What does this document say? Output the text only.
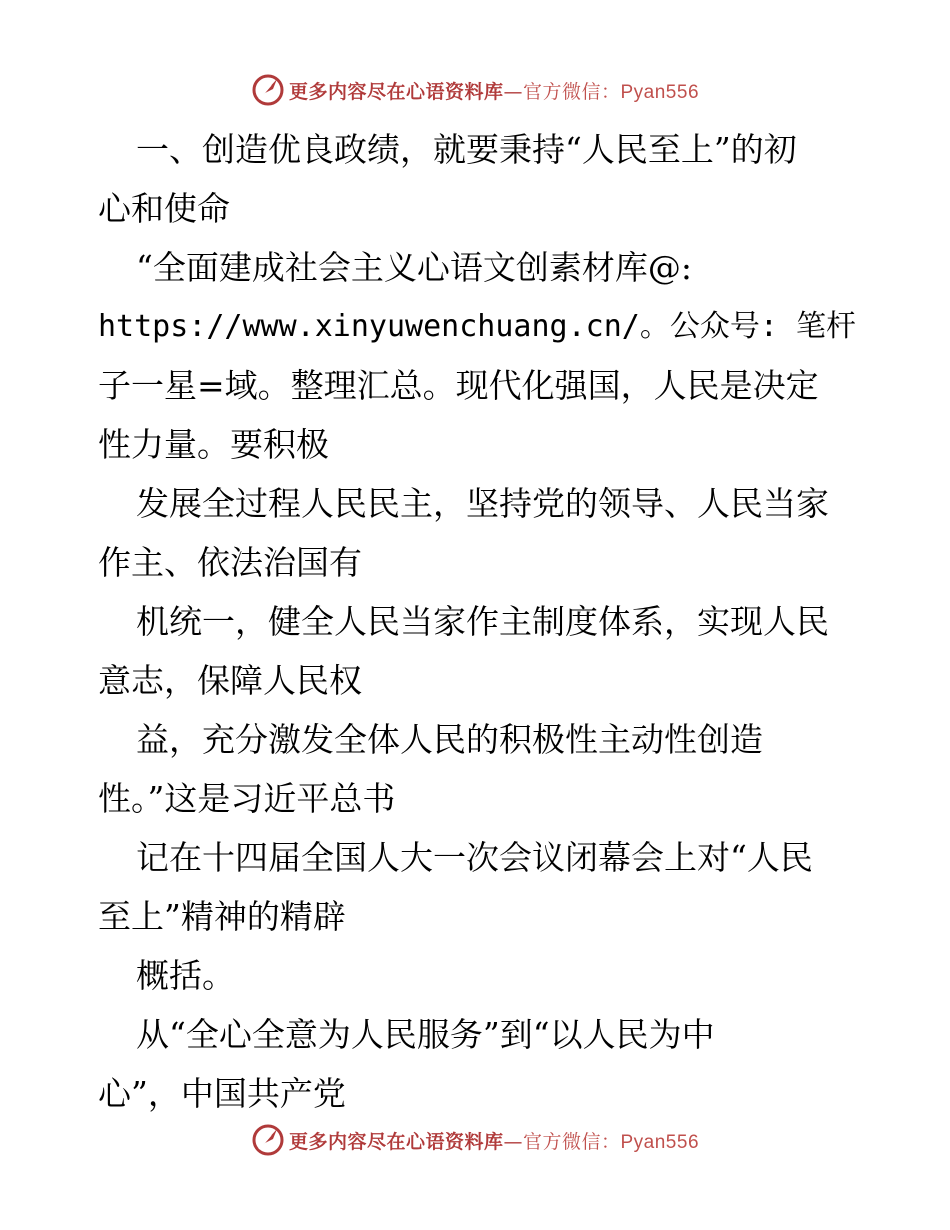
更多内容尽在心语资料库—官方微信：Pyan556
一、创造优良政绩，就要秉持“人民至上”的初
心和使命
“全面建成社会主义心语文创素材库@:
https://www.xinyuwenchuang.cn/。公众号: 笔杆
子一星=域。整理汇总。现代化强国，人民是决定
性力量。要积极
发展全过程人民民主，坚持党的领导、人民当家
作主、依法治国有
机统一，健全人民当家作主制度体系，实现人民
意志，保障人民权
益，充分激发全体人民的积极性主动性创造
性。”这是习近平总书
记在十四届全国人大一次会议闭幕会上对“人民
至上”精神的精辟
概括。
从“全心全意为人民服务”到“以人民为中
心”，中国共产党
更多内容尽在心语资料库—官方微信：Pyan556
